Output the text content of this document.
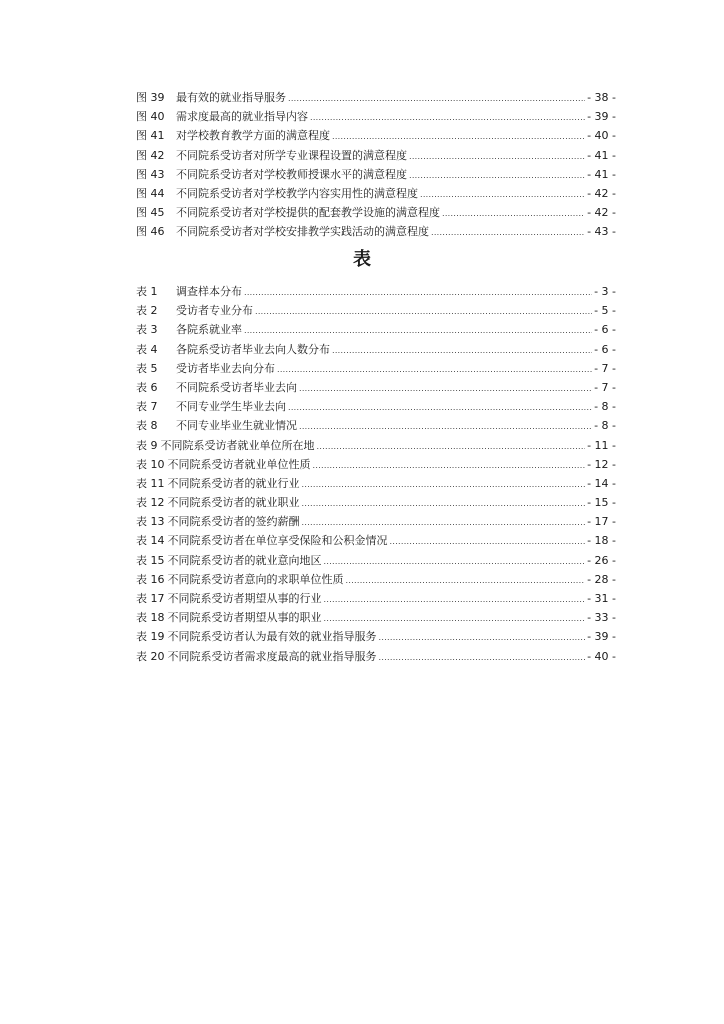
图 39	最有效的就业指导服务 .....	- 38 -
图 40	需求度最高的就业指导内容 .....	- 39 -
图 41	对学校教育教学方面的满意程度 .....	- 40 -
图 42	不同院系受访者对所学专业课程设置的满意程度 .....	- 41 -
图 43	不同院系受访者对学校教师授课水平的满意程度 .....	- 41 -
图 44	不同院系受访者对学校教学内容实用性的满意程度 .....	- 42 -
图 45	不同院系受访者对学校提供的配套教学设施的满意程度 .....	- 42 -
图 46	不同院系受访者对学校安排教学实践活动的满意程度 .....	- 43 -
表
表 1	调查样本分布 .....	- 3 -
表 2	受访者专业分布 .....	- 5 -
表 3	各院系就业率 .....	- 6 -
表 4	各院系受访者毕业去向人数分布 .....	- 6 -
表 5	受访者毕业去向分布 .....	- 7 -
表 6	不同院系受访者毕业去向 .....	- 7 -
表 7	不同专业学生毕业去向 .....	- 8 -
表 8	不同专业毕业生就业情况 .....	- 8 -
表 9 不同院系受访者就业单位所在地 .....	- 11 -
表 10 不同院系受访者就业单位性质 .....	- 12 -
表 11 不同院系受访者的就业行业 .....	- 14 -
表 12 不同院系受访者的就业职业 .....	- 15 -
表 13 不同院系受访者的签约薪酬 .....	- 17 -
表 14 不同院系受访者在单位享受保险和公积金情况 .....	- 18 -
表 15 不同院系受访者的就业意向地区 .....	- 26 -
表 16 不同院系受访者意向的求职单位性质 .....	- 28 -
表 17 不同院系受访者期望从事的行业 .....	- 31 -
表 18 不同院系受访者期望从事的职业 .....	- 33 -
表 19 不同院系受访者认为最有效的就业指导服务 .....	- 39 -
表 20 不同院系受访者需求度最高的就业指导服务 .....	- 40 -
